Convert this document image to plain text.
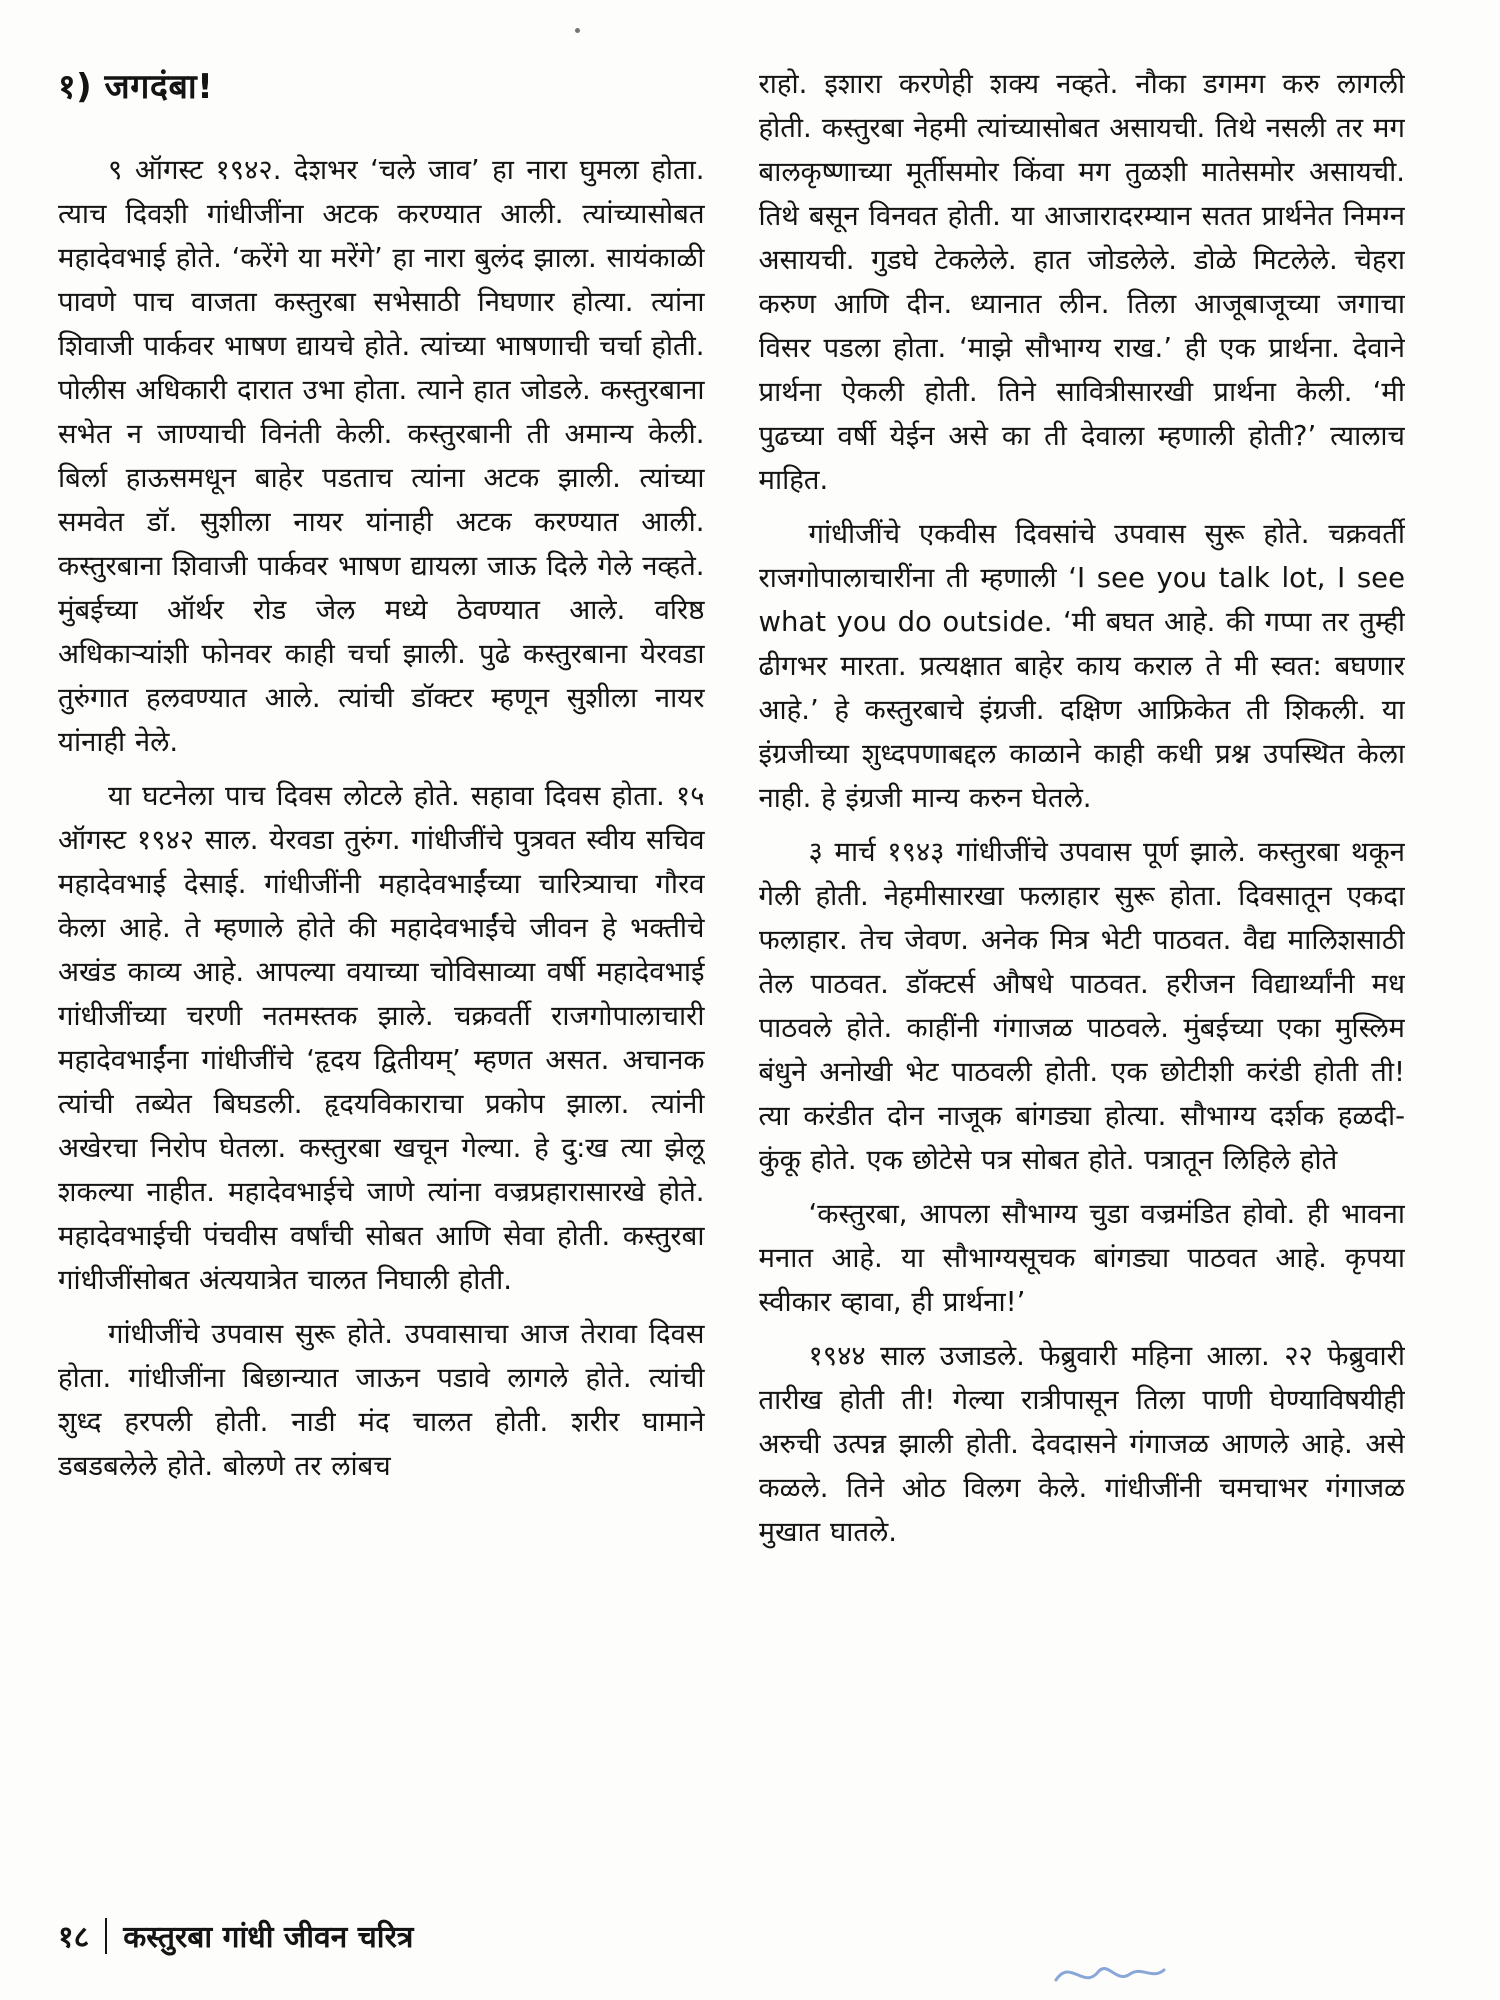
१) जगदंबा!

९ ऑगस्ट १९४२. देशभर ‘चले जाव’ हा नारा घुमला होता. त्याच दिवशी गांधीजींना अटक करण्यात आली. त्यांच्यासोबत महादेवभाई होते. ‘करेंगे या मरेंगे’ हा नारा बुलंद झाला. सायंकाळी पावणे पाच वाजता कस्तुरबा सभेसाठी निघणार होत्या. त्यांना शिवाजी पार्कवर भाषण द्यायचे होते. त्यांच्या भाषणाची चर्चा होती. पोलीस अधिकारी दारात उभा होता. त्याने हात जोडले. कस्तुरबाना सभेत न जाण्याची विनंती केली. कस्तुरबानी ती अमान्य केली. बिर्ला हाऊसमधून बाहेर पडताच त्यांना अटक झाली. त्यांच्या समवेत डॉ. सुशीला नायर यांनाही अटक करण्यात आली. कस्तुरबाना शिवाजी पार्कवर भाषण द्यायला जाऊ दिले गेले नव्हते. मुंबईच्या ऑर्थर रोड जेल मध्ये ठेवण्यात आले. वरिष्ठ अधिकाऱ्यांशी फोनवर काही चर्चा झाली. पुढे कस्तुरबाना येरवडा तुरुंगात हलवण्यात आले. त्यांची डॉक्टर म्हणून सुशीला नायर यांनाही नेले.

या घटनेला पाच दिवस लोटले होते. सहावा दिवस होता. १५ ऑगस्ट १९४२ साल. येरवडा तुरुंग. गांधीजींचे पुत्रवत स्वीय सचिव महादेवभाई देसाई. गांधीजींनी महादेवभाईंच्या चारित्र्याचा गौरव केला आहे. ते म्हणाले होते की महादेवभाईंचे जीवन हे भक्तीचे अखंड काव्य आहे. आपल्या वयाच्या चोविसाव्या वर्षी महादेवभाई गांधीजींच्या चरणी नतमस्तक झाले. चक्रवर्ती राजगोपालाचारी महादेवभाईंना गांधीजींचे ‘हृदय द्वितीयम्’ म्हणत असत. अचानक त्यांची तब्येत बिघडली. हृदयविकाराचा प्रकोप झाला. त्यांनी अखेरचा निरोप घेतला. कस्तुरबा खचून गेल्या. हे दु:ख त्या झेलू शकल्या नाहीत. महादेवभाईचे जाणे त्यांना वज्रप्रहारासारखे होते. महादेवभाईची पंचवीस वर्षांची सोबत आणि सेवा होती. कस्तुरबा गांधीजींसोबत अंत्ययात्रेत चालत निघाली होती.

गांधीजींचे उपवास सुरू होते. उपवासाचा आज तेरावा दिवस होता. गांधीजींना बिछान्यात जाऊन पडावे लागले होते. त्यांची शुध्द हरपली होती. नाडी मंद चालत होती. शरीर घामाने डबडबलेले होते. बोलणे तर लांबच

राहो. इशारा करणेही शक्य नव्हते. नौका डगमग करु लागली होती. कस्तुरबा नेहमी त्यांच्यासोबत असायची. तिथे नसली तर मग बालकृष्णाच्या मूर्तीसमोर किंवा मग तुळशी मातेसमोर असायची. तिथे बसून विनवत होती. या आजारादरम्यान सतत प्रार्थनेत निमग्न असायची. गुडघे टेकलेले. हात जोडलेले. डोळे मिटलेले. चेहरा करुण आणि दीन. ध्यानात लीन. तिला आजूबाजूच्या जगाचा विसर पडला होता. ‘माझे सौभाग्य राख.’ ही एक प्रार्थना. देवाने प्रार्थना ऐकली होती. तिने सावित्रीसारखी प्रार्थना केली. ‘मी पुढच्या वर्षी येईन असे का ती देवाला म्हणाली होती?’ त्यालाच माहित.

गांधीजींचे एकवीस दिवसांचे उपवास सुरू होते. चक्रवर्ती राजगोपालाचारींना ती म्हणाली ‘I see you talk lot, I see what you do outside. ‘मी बघत आहे. की गप्पा तर तुम्ही ढीगभर मारता. प्रत्यक्षात बाहेर काय कराल ते मी स्वत: बघणार आहे.’ हे कस्तुरबाचे इंग्रजी. दक्षिण आफ्रिकेत ती शिकली. या इंग्रजीच्या शुध्दपणाबद्दल काळाने काही कधी प्रश्न उपस्थित केला नाही. हे इंग्रजी मान्य करुन घेतले.

३ मार्च १९४३ गांधीजींचे उपवास पूर्ण झाले. कस्तुरबा थकून गेली होती. नेहमीसारखा फलाहार सुरू होता. दिवसातून एकदा फलाहार. तेच जेवण. अनेक मित्र भेटी पाठवत. वैद्य मालिशसाठी तेल पाठवत. डॉक्टर्स औषधे पाठवत. हरीजन विद्यार्थ्यांनी मध पाठवले होते. काहींनी गंगाजळ पाठवले. मुंबईच्या एका मुस्लिम बंधुने अनोखी भेट पाठवली होती. एक छोटीशी करंडी होती ती! त्या करंडीत दोन नाजूक बांगड्या होत्या. सौभाग्य दर्शक हळदी-कुंकू होते. एक छोटेसे पत्र सोबत होते. पत्रातून लिहिले होते

‘कस्तुरबा, आपला सौभाग्य चुडा वज्रमंडित होवो. ही भावना मनात आहे. या सौभाग्यसूचक बांगड्या पाठवत आहे. कृपया स्वीकार व्हावा, ही प्रार्थना!’

१९४४ साल उजाडले. फेब्रुवारी महिना आला. २२ फेब्रुवारी तारीख होती ती! गेल्या रात्रीपासून तिला पाणी घेण्याविषयीही अरुची उत्पन्न झाली होती. देवदासने गंगाजळ आणले आहे. असे कळले. तिने ओठ विलग केले. गांधीजींनी चमचाभर गंगाजळ मुखात घातले.

१८ कस्तुरबा गांधी जीवन चरित्र
